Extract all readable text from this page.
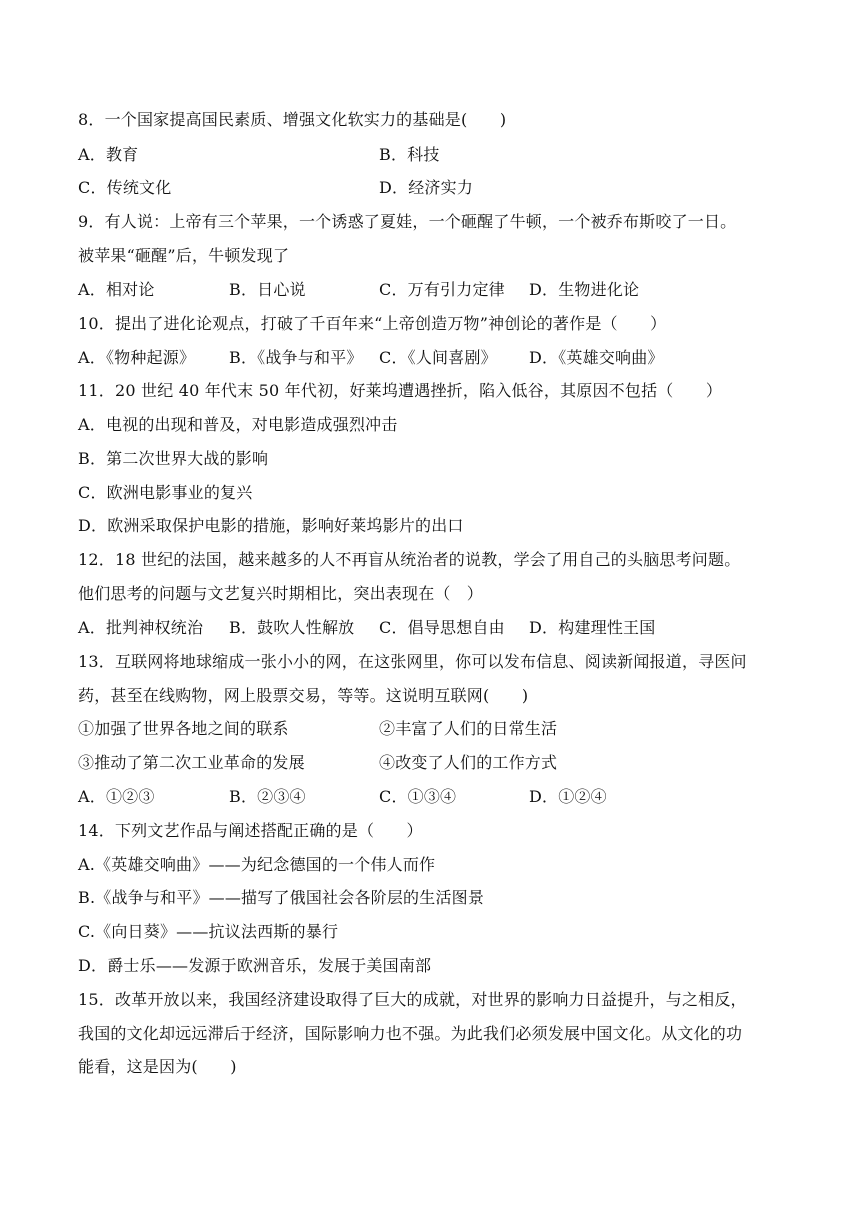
8．一个国家提高国民素质、增强文化软实力的基础是(　　)
A．教育	B．科技
C．传统文化	D．经济实力
9．有人说：上帝有三个苹果，一个诱惑了夏娃，一个砸醒了牛顿，一个被乔布斯咬了一日。
被苹果“砸醒”后，牛顿发现了
A．相对论	B．日心说	C．万有引力定律 D．生物进化论
10．提出了进化论观点，打破了千百年来“上帝创造万物”神创论的著作是（　　）
A．《物种起源》 B．《战争与和平》 C．《人间喜剧》 D．《英雄交响曲》
11．20 世纪 40 年代末 50 年代初，好莱坞遭遇挫折，陷入低谷，其原因不包括（　　）
A．电视的出现和普及，对电影造成强烈冲击
B．第二次世界大战的影响
C．欧洲电影事业的复兴
D．欧洲采取保护电影的措施，影响好莱坞影片的出口
12．18 世纪的法国，越来越多的人不再盲从统治者的说教，学会了用自己的头脑思考问题。
他们思考的问题与文艺复兴时期相比，突出表现在（　）
A．批判神权统治 B．鼓吹人性解放 C．倡导思想自由 D．构建理性王国
13．互联网将地球缩成一张小小的网，在这张网里，你可以发布信息、阅读新闻报道，寻医问
药，甚至在线购物，网上股票交易，等等。这说明互联网(　　)
①加强了世界各地之间的联系	②丰富了人们的日常生活
③推动了第二次工业革命的发展	④改变了人们的工作方式
A．①②③	B．②③④	C．①③④	D．①②④
14．下列文艺作品与阐述搭配正确的是（　　）
A.《英雄交响曲》——为纪念德国的一个伟人而作
B.《战争与和平》——描写了俄国社会各阶层的生活图景
C.《向日葵》——抗议法西斯的暴行
D．爵士乐——发源于欧洲音乐，发展于美国南部
15．改革开放以来，我国经济建设取得了巨大的成就，对世界的影响力日益提升，与之相反，
我国的文化却远远滞后于经济，国际影响力也不强。为此我们必须发展中国文化。从文化的功
能看，这是因为(　　)
